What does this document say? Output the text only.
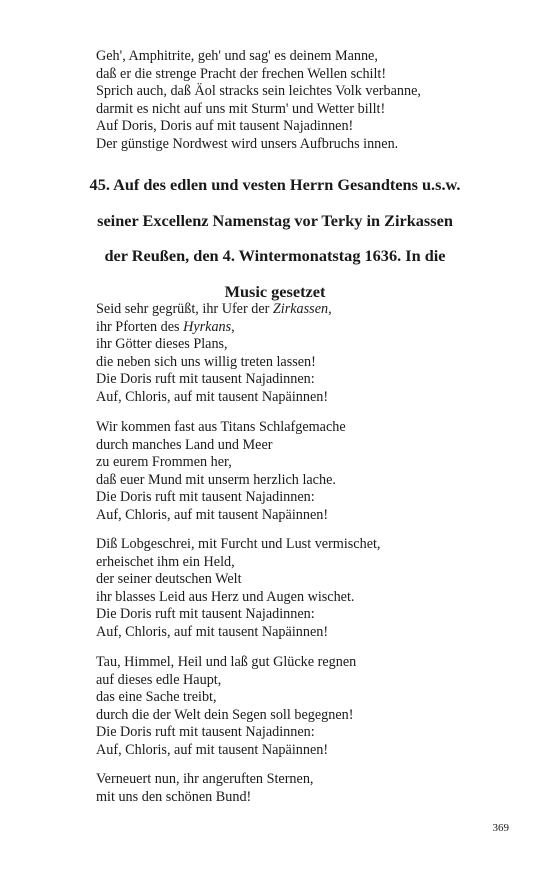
Geh', Amphitrite, geh' und sag' es deinem Manne,
daß er die strenge Pracht der frechen Wellen schilt!
Sprich auch, daß Äol stracks sein leichtes Volk verbanne,
darmit es nicht auf uns mit Sturm' und Wetter billt!
Auf Doris, Doris auf mit tausent Najadinnen!
Der günstige Nordwest wird unsers Aufbruchs innen.
45. Auf des edlen und vesten Herrn Gesandtens u.s.w.
seiner Excellenz Namenstag vor Terky in Zirkassen
der Reußen, den 4. Wintermonatstag 1636. In die
Music gesetzet
Seid sehr gegrüßt, ihr Ufer der Zirkassen,
ihr Pforten des Hyrkans,
ihr Götter dieses Plans,
die neben sich uns willig treten lassen!
Die Doris ruft mit tausent Najadinnen:
Auf, Chloris, auf mit tausent Napäinnen!
Wir kommen fast aus Titans Schlafgemache
durch manches Land und Meer
zu eurem Frommen her,
daß euer Mund mit unserm herzlich lache.
Die Doris ruft mit tausent Najadinnen:
Auf, Chloris, auf mit tausent Napäinnen!
Diß Lobgeschrei, mit Furcht und Lust vermischet,
erheischet ihm ein Held,
der seiner deutschen Welt
ihr blasses Leid aus Herz und Augen wischet.
Die Doris ruft mit tausent Najadinnen:
Auf, Chloris, auf mit tausent Napäinnen!
Tau, Himmel, Heil und laß gut Glücke regnen
auf dieses edle Haupt,
das eine Sache treibt,
durch die der Welt dein Segen soll begegnen!
Die Doris ruft mit tausent Najadinnen:
Auf, Chloris, auf mit tausent Napäinnen!
Verneuert nun, ihr angeruften Sternen,
mit uns den schönen Bund!
369
